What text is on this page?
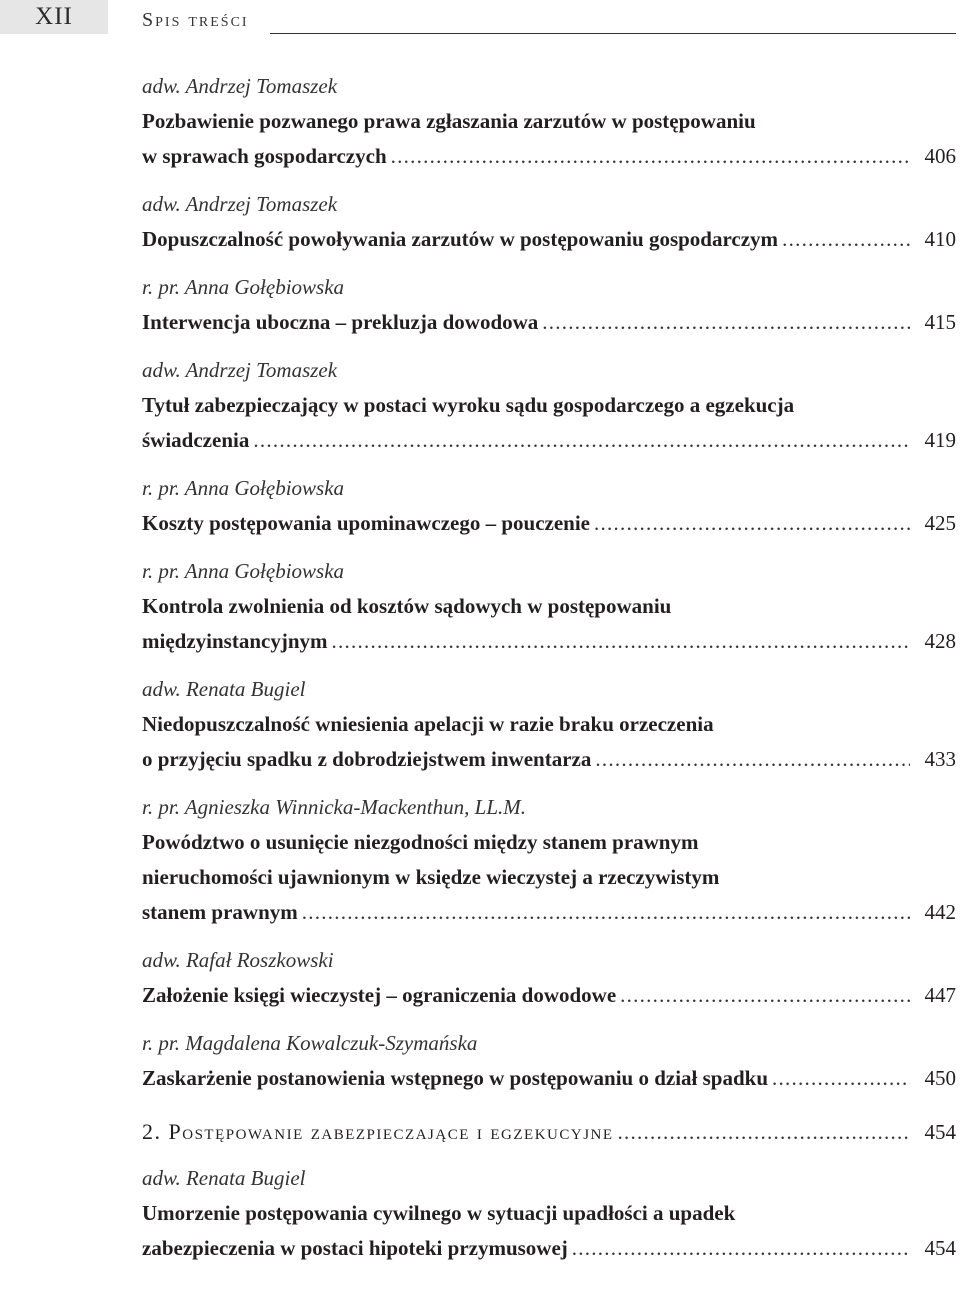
XII	Spis treści
adw. Andrzej Tomaszek
Pozbawienie pozwanego prawa zgłaszania zarzutów w postępowaniu
w sprawach gospodarczych . . .	406
adw. Andrzej Tomaszek
Dopuszczalność powoływania zarzutów w postępowaniu gospodarczym . . .	410
r. pr. Anna Gołębiowska
Interwencja uboczna – prekluzja dowodowa . . .	415
adw. Andrzej Tomaszek
Tytuł zabezpieczający w postaci wyroku sądu gospodarczego a egzekucja
świadczenia . . .	419
r. pr. Anna Gołębiowska
Koszty postępowania upominawczego – pouczenie . . .	425
r. pr. Anna Gołębiowska
Kontrola zwolnienia od kosztów sądowych w postępowaniu
międzyinstancyjnym . . .	428
adw. Renata Bugiel
Niedopuszczalność wniesienia apelacji w razie braku orzeczenia
o przyjęciu spadku z dobrodziejstwem inwentarza . . .	433
r. pr. Agnieszka Winnicka-Mackenthun, LL.M.
Powództwo o usunięcie niezgodności między stanem prawnym
nieruchomości ujawnionym w księdze wieczystej a rzeczywistym
stanem prawnym . . .	442
adw. Rafał Roszkowski
Założenie księgi wieczystej – ograniczenia dowodowe . . .	447
r. pr. Magdalena Kowalczuk-Szymańska
Zaskarżenie postanowienia wstępnego w postępowaniu o dział spadku . . .	450
2. Postępowanie zabezpieczające i egzekucyjne . . .	454
adw. Renata Bugiel
Umorzenie postępowania cywilnego w sytuacji upadłości a upadek
zabezpieczenia w postaci hipoteki przymusowej . . .	454
